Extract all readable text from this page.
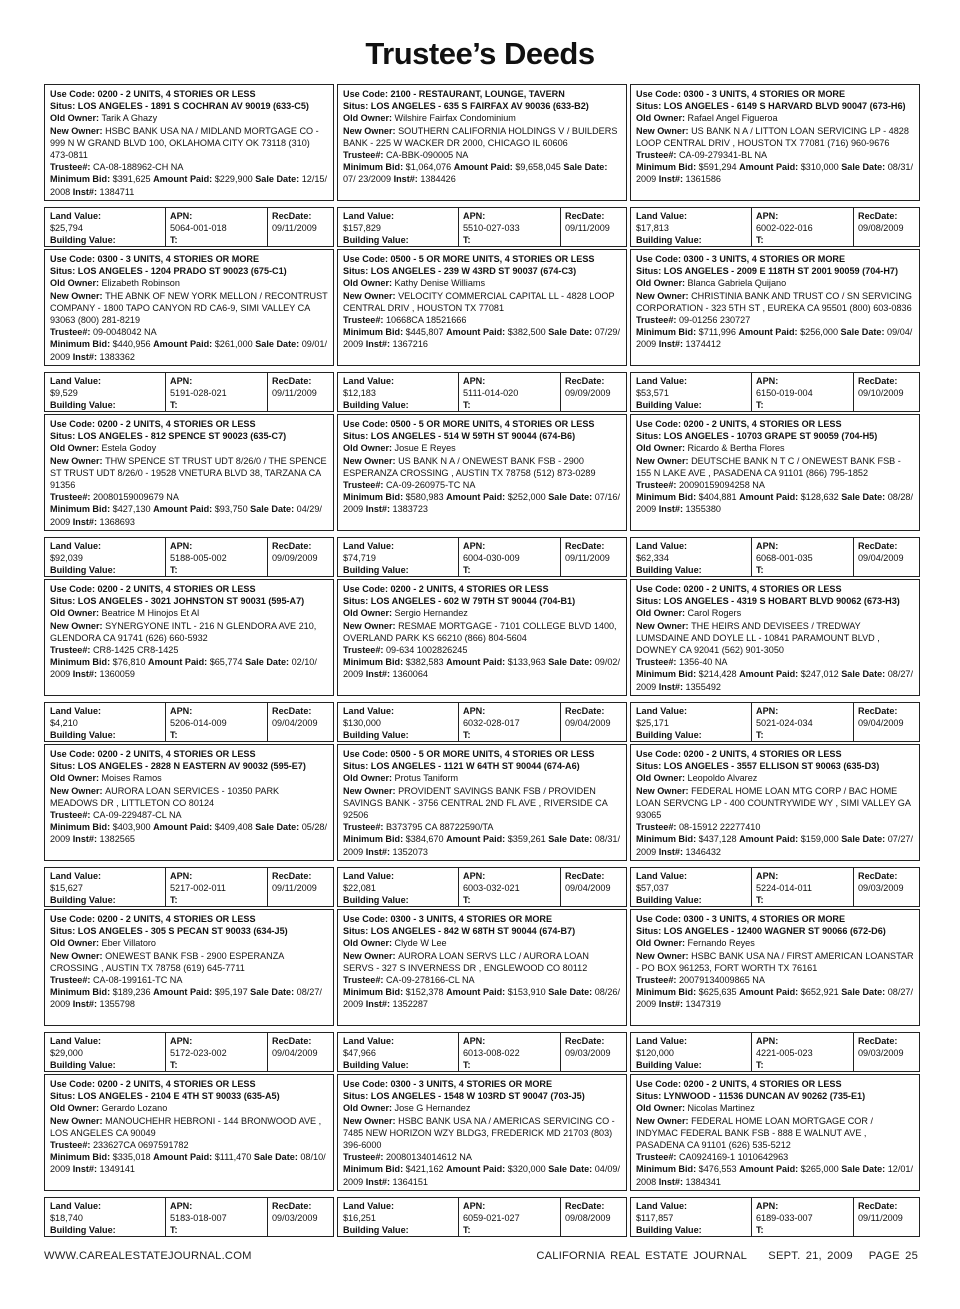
Trustee’s Deeds
Use Code: 0200 - 2 UNITS, 4 STORIES OR LESS
Situs: LOS ANGELES - 1891 S COCHRAN AV 90019 (633-C5)
Old Owner: Tarik A Ghazy
New Owner: HSBC BANK USA NA / MIDLAND MORTGAGE CO - 999 N W GRAND BLVD 100, OKLAHOMA CITY OK 73118 (310) 473-0811
Trustee#: CA-08-188962-CH NA
Minimum Bid: $391,625 Amount Paid: $229,900 Sale Date: 12/15/ 2008 Inst#: 1384711
Land Value:
$25,794
Building Value:
APN:
5064-001-018
T:
RecDate:
09/11/2009
Use Code: 0300 - 3 UNITS, 4 STORIES OR MORE
Situs: LOS ANGELES - 1204 PRADO ST 90023 (675-C1)
Old Owner: Elizabeth Robinson
New Owner: THE ABNK OF NEW YORK MELLON / RECONTRUST COMPANY - 1800 TAPO CANYON RD CA6-9, SIMI VALLEY CA 93063 (800) 281-8219
Trustee#: 09-0048042 NA
Minimum Bid: $440,956 Amount Paid: $261,000 Sale Date: 09/01/ 2009 Inst#: 1383362
Land Value:
$9,529
Building Value:
APN:
5191-028-021
T:
RecDate:
09/11/2009
Use Code: 0200 - 2 UNITS, 4 STORIES OR LESS
Situs: LOS ANGELES - 812 SPENCE ST 90023 (635-C7)
Old Owner: Estela Godoy
New Owner: THW SPENCE ST TRUST UDT 8/26/0 / THE SPENCE ST TRUST UDT 8/26/0 - 19528 VNETURA BLVD 38, TARZANA CA 91356
Trustee#: 20080159009679 NA
Minimum Bid: $427,130 Amount Paid: $93,750 Sale Date: 04/29/ 2009 Inst#: 1368693
Land Value:
$92,039
Building Value:
APN:
5188-005-002
T:
RecDate:
09/09/2009
Use Code: 0200 - 2 UNITS, 4 STORIES OR LESS
Situs: LOS ANGELES - 3021 JOHNSTON ST 90031 (595-A7)
Old Owner: Beatrice M Hinojos Et Al
New Owner: SYNERGYONE INTL - 216 N GLENDORA AVE 210, GLENDORA CA 91741 (626) 660-5932
Trustee#: CR8-1425 CR8-1425
Minimum Bid: $76,810 Amount Paid: $65,774 Sale Date: 02/10/ 2009 Inst#: 1360059
Land Value:
$4,210
Building Value:
APN:
5206-014-009
T:
RecDate:
09/04/2009
Use Code: 0200 - 2 UNITS, 4 STORIES OR LESS
Situs: LOS ANGELES - 2828 N EASTERN AV 90032 (595-E7)
Old Owner: Moises Ramos
New Owner: AURORA LOAN SERVICES - 10350 PARK MEADOWS DR , LITTLETON CO 80124
Trustee#: CA-09-229487-CL NA
Minimum Bid: $403,900 Amount Paid: $409,408 Sale Date: 05/28/ 2009 Inst#: 1382565
Land Value:
$15,627
Building Value:
APN:
5217-002-011
T:
RecDate:
09/11/2009
Use Code: 0200 - 2 UNITS, 4 STORIES OR LESS
Situs: LOS ANGELES - 305 S PECAN ST 90033 (634-J5)
Old Owner: Eber Villatoro
New Owner: ONEWEST BANK FSB - 2900 ESPERANZA CROSSING , AUSTIN TX 78758 (619) 645-7711
Trustee#: CA-08-199161-TC NA
Minimum Bid: $189,236 Amount Paid: $95,197 Sale Date: 08/27/ 2009 Inst#: 1355798
Land Value:
$29,000
Building Value:
APN:
5172-023-002
T:
RecDate:
09/04/2009
Use Code: 0200 - 2 UNITS, 4 STORIES OR LESS
Situs: LOS ANGELES - 2104 E 4TH ST 90033 (635-A5)
Old Owner: Gerardo Lozano
New Owner: MANOUCHEHR HEBRONI - 144 BRONWOOD AVE , LOS ANGELES CA 90049
Trustee#: 233627CA 0697591782
Minimum Bid: $335,018 Amount Paid: $111,470 Sale Date: 08/10/ 2009 Inst#: 1349141
Land Value:
$18,740
Building Value:
APN:
5183-018-007
T:
RecDate:
09/03/2009
Use Code: 2100 - RESTAURANT, LOUNGE, TAVERN
Situs: LOS ANGELES - 635 S FAIRFAX AV 90036 (633-B2)
Old Owner: Wilshire Fairfax Condominium
New Owner: SOUTHERN CALIFORNIA HOLDINGS V / BUILDERS BANK - 225 W WACKER DR 2000, CHICAGO IL 60606
Trustee#: CA-BBK-090005 NA
Minimum Bid: $1,064,076 Amount Paid: $9,658,045 Sale Date: 07/ 23/2009 Inst#: 1384426
Land Value:
$157,829
Building Value:
APN:
5510-027-033
T:
RecDate:
09/11/2009
Use Code: 0500 - 5 OR MORE UNITS, 4 STORIES OR LESS
Situs: LOS ANGELES - 239 W 43RD ST 90037 (674-C3)
Old Owner: Kathy Denise Williams
New Owner: VELOCITY COMMERCIAL CAPITAL LL - 4828 LOOP CENTRAL DRIV , HOUSTON TX 77081
Trustee#: 10668CA 18521666
Minimum Bid: $445,807 Amount Paid: $382,500 Sale Date: 07/29/ 2009 Inst#: 1367216
Land Value:
$12,183
Building Value:
APN:
5111-014-020
T:
RecDate:
09/09/2009
Use Code: 0500 - 5 OR MORE UNITS, 4 STORIES OR LESS
Situs: LOS ANGELES - 514 W 59TH ST 90044 (674-B6)
Old Owner: Josue E Reyes
New Owner: US BANK N A / ONEWEST BANK FSB - 2900 ESPERANZA CROSSING , AUSTIN TX 78758 (512) 873-0289
Trustee#: CA-09-260975-TC NA
Minimum Bid: $580,983 Amount Paid: $252,000 Sale Date: 07/16/ 2009 Inst#: 1383723
Land Value:
$74,719
Building Value:
APN:
6004-030-009
T:
RecDate:
09/11/2009
Use Code: 0200 - 2 UNITS, 4 STORIES OR LESS
Situs: LOS ANGELES - 602 W 79TH ST 90044 (704-B1)
Old Owner: Sergio Hernandez
New Owner: RESMAE MORTGAGE - 7101 COLLEGE BLVD 1400, OVERLAND PARK KS 66210 (866) 804-5604
Trustee#: 09-634 1002826245
Minimum Bid: $382,583 Amount Paid: $133,963 Sale Date: 09/02/ 2009 Inst#: 1360064
Land Value:
$130,000
Building Value:
APN:
6032-028-017
T:
RecDate:
09/04/2009
Use Code: 0500 - 5 OR MORE UNITS, 4 STORIES OR LESS
Situs: LOS ANGELES - 1121 W 64TH ST 90044 (674-A6)
Old Owner: Protus Taniform
New Owner: PROVIDENT SAVINGS BANK FSB / PROVIDEN SAVINGS BANK - 3756 CENTRAL 2ND FL AVE , RIVERSIDE CA 92506
Trustee#: B373795 CA 88722590/TA
Minimum Bid: $384,670 Amount Paid: $359,261 Sale Date: 08/31/ 2009 Inst#: 1352073
Land Value:
$22,081
Building Value:
APN:
6003-032-021
T:
RecDate:
09/04/2009
Use Code: 0300 - 3 UNITS, 4 STORIES OR MORE
Situs: LOS ANGELES - 842 W 68TH ST 90044 (674-B7)
Old Owner: Clyde W Lee
New Owner: AURORA LOAN SERVS LLC / AURORA LOAN SERVS - 327 S INVERNESS DR , ENGLEWOOD CO 80112
Trustee#: CA-09-278166-CL NA
Minimum Bid: $152,378 Amount Paid: $153,910 Sale Date: 08/26/ 2009 Inst#: 1352287
Land Value:
$47,966
Building Value:
APN:
6013-008-022
T:
RecDate:
09/03/2009
Use Code: 0300 - 3 UNITS, 4 STORIES OR MORE
Situs: LOS ANGELES - 1548 W 103RD ST 90047 (703-J5)
Old Owner: Jose G Hernandez
New Owner: HSBC BANK USA NA / AMERICAS SERVICING CO - 7485 NEW HORIZON WZY BLDG3, FREDERICK MD 21703 (803) 396-6000
Trustee#: 20080134014612 NA
Minimum Bid: $421,162 Amount Paid: $320,000 Sale Date: 04/09/ 2009 Inst#: 1364151
Land Value:
$16,251
Building Value:
APN:
6059-021-027
T:
RecDate:
09/08/2009
Use Code: 0300 - 3 UNITS, 4 STORIES OR MORE
Situs: LOS ANGELES - 6149 S HARVARD BLVD 90047 (673-H6)
Old Owner: Rafael Angel Figueroa
New Owner: US BANK N A / LITTON LOAN SERVICING LP - 4828 LOOP CENTRAL DRIV , HOUSTON TX 77081 (716) 960-9676
Trustee#: CA-09-279341-BL NA
Minimum Bid: $591,294 Amount Paid: $310,000 Sale Date: 08/31/ 2009 Inst#: 1361586
Land Value:
$17,813
Building Value:
APN:
6002-022-016
T:
RecDate:
09/08/2009
Use Code: 0300 - 3 UNITS, 4 STORIES OR MORE
Situs: LOS ANGELES - 2009 E 118TH ST 2001 90059 (704-H7)
Old Owner: Blanca Gabriela Quijano
New Owner: CHRISTINIA BANK AND TRUST CO / SN SERVICING CORPORATION - 323 5TH ST , EUREKA CA 95501 (800) 603-0836
Trustee#: 09-01256 230727
Minimum Bid: $711,996 Amount Paid: $256,000 Sale Date: 09/04/ 2009 Inst#: 1374412
Land Value:
$53,571
Building Value:
APN:
6150-019-004
T:
RecDate:
09/10/2009
Use Code: 0200 - 2 UNITS, 4 STORIES OR LESS
Situs: LOS ANGELES - 10703 GRAPE ST 90059 (704-H5)
Old Owner: Ricardo & Bertha Flores
New Owner: DEUTSCHE BANK N T C / ONEWEST BANK FSB - 155 N LAKE AVE , PASADENA CA 91101 (866) 795-1852
Trustee#: 20090159094258 NA
Minimum Bid: $404,881 Amount Paid: $128,632 Sale Date: 08/28/ 2009 Inst#: 1355380
Land Value:
$62,334
Building Value:
APN:
6068-001-035
T:
RecDate:
09/04/2009
Use Code: 0200 - 2 UNITS, 4 STORIES OR LESS
Situs: LOS ANGELES - 4319 S HOBART BLVD 90062 (673-H3)
Old Owner: Carol Rogers
New Owner: THE HEIRS AND DEVISEES / TREDWAY LUMSDAINE AND DOYLE LL - 10841 PARAMOUNT BLVD , DOWNEY CA 92041 (562) 901-3050
Trustee#: 1356-40 NA
Minimum Bid: $214,428 Amount Paid: $247,012 Sale Date: 08/27/ 2009 Inst#: 1355492
Land Value:
$25,171
Building Value:
APN:
5021-024-034
T:
RecDate:
09/04/2009
Use Code: 0200 - 2 UNITS, 4 STORIES OR LESS
Situs: LOS ANGELES - 3557 ELLISON ST 90063 (635-D3)
Old Owner: Leopoldo Alvarez
New Owner: FEDERAL HOME LOAN MTG CORP / BAC HOME LOAN SERVCNG LP - 400 COUNTRYWIDE WY , SIMI VALLEY GA 93065
Trustee#: 08-15912 22277410
Minimum Bid: $437,128 Amount Paid: $159,000 Sale Date: 07/27/ 2009 Inst#: 1346432
Land Value:
$57,037
Building Value:
APN:
5224-014-011
T:
RecDate:
09/03/2009
Use Code: 0300 - 3 UNITS, 4 STORIES OR MORE
Situs: LOS ANGELES - 12400 WAGNER ST 90066 (672-D6)
Old Owner: Fernando Reyes
New Owner: HSBC BANK USA NA / FIRST AMERICAN LOANSTAR - PO BOX 961253, FORT WORTH TX 76161
Trustee#: 20079134009865 NA
Minimum Bid: $625,635 Amount Paid: $652,921 Sale Date: 08/27/ 2009 Inst#: 1347319
Land Value:
$120,000
Building Value:
APN:
4221-005-023
T:
RecDate:
09/03/2009
Use Code: 0200 - 2 UNITS, 4 STORIES OR LESS
Situs: LYNWOOD - 11536 DUNCAN AV 90262 (735-E1)
Old Owner: Nicolas Martinez
New Owner: FEDERAL HOME LOAN MORTGAGE COR / INDYMAC FEDERAL BANK FSB - 888 E WALNUT AVE , PASADENA CA 91101 (626) 535-5212
Trustee#: CA0924169-1 1010642963
Minimum Bid: $476,553 Amount Paid: $265,000 Sale Date: 12/01/ 2008 Inst#: 1384341
Land Value:
$117,857
Building Value:
APN:
6189-033-007
T:
RecDate:
09/11/2009
WWW.CAREALESTATEJOURNAL.COM	CALIFORNIA REAL ESTATE JOURNAL SEPT. 21, 2009 PAGE 25
